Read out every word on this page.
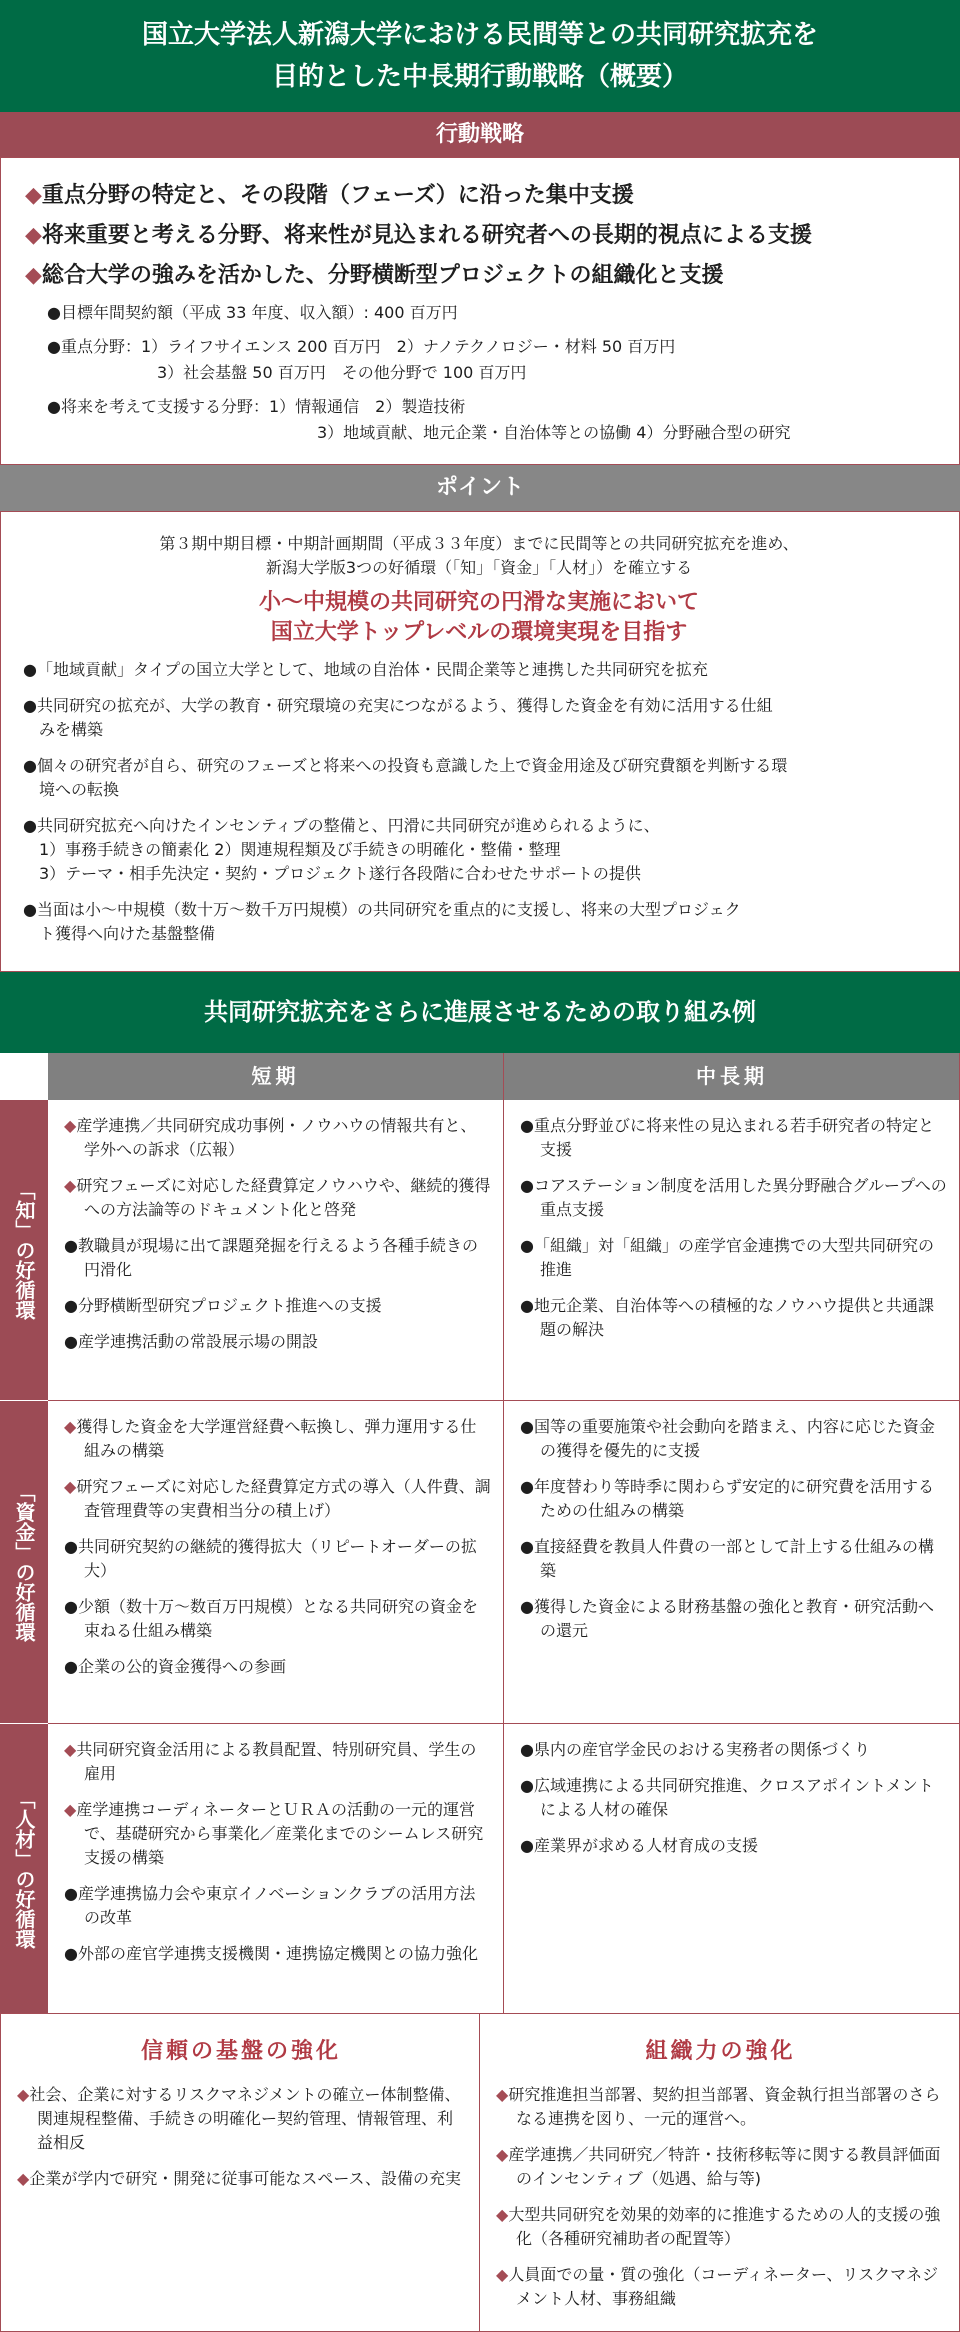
国立大学法人新潟大学における民間等との共同研究拡充を
目的とした中長期行動戦略（概要）
行動戦略
◆重点分野の特定と、その段階（フェーズ）に沿った集中支援
◆将来重要と考える分野、将来性が見込まれる研究者への長期的視点による支援
◆総合大学の強みを活かした、分野横断型プロジェクトの組織化と支援
●目標年間契約額（平成 33 年度、収入額）: 400 百万円
●重点分野：1）ライフサイエンス 200 百万円　2）ナノテクノロジー・材料 50 百万円
3）社会基盤 50 百万円　その他分野で 100 百万円
●将来を考えて支援する分野：1）情報通信　2）製造技術
3）地域貢献、地元企業・自治体等との協働 4）分野融合型の研究
ポイント
第３期中期目標・中期計画期間（平成３３年度）までに民間等との共同研究拡充を進め、
新潟大学版3つの好循環（「知」「資金」「人材」）を確立する
小〜中規模の共同研究の円滑な実施において
国立大学トップレベルの環境実現を目指す
●「地域貢献」タイプの国立大学として、地域の自治体・民間企業等と連携した共同研究を拡充
●共同研究の拡充が、大学の教育・研究環境の充実につながるよう、獲得した資金を有効に活用する仕組
　みを構築
●個々の研究者が自ら、研究のフェーズと将来への投資も意識した上で資金用途及び研究費額を判断する環
　境への転換
●共同研究拡充へ向けたインセンティブの整備と、円滑に共同研究が進められるように、
　1）事務手続きの簡素化 2）関連規程類及び手続きの明確化・整備・整理
　3）テーマ・相手先決定・契約・プロジェクト遂行各段階に合わせたサポートの提供
●当面は小〜中規模（数十万〜数千万円規模）の共同研究を重点的に支援し、将来の大型プロジェク
　ト獲得へ向けた基盤整備
共同研究拡充をさらに進展させるための取り組み例
短期	中長期
「知」の好循環
「資金」の好循環
「人材」の好循環
◆産学連携／共同研究成功事例・ノウハウの情報共有と、学外への訴求（広報）
◆研究フェーズに対応した経費算定ノウハウや、継続的獲得への方法論等のドキュメント化と啓発
●教職員が現場に出て課題発掘を行えるよう各種手続きの円滑化
●分野横断型研究プロジェクト推進への支援
●産学連携活動の常設展示場の開設
●重点分野並びに将来性の見込まれる若手研究者の特定と支援
●コアステーション制度を活用した異分野融合グループへの重点支援
●「組織」対「組織」の産学官金連携での大型共同研究の推進
●地元企業、自治体等への積極的なノウハウ提供と共通課題の解決
◆獲得した資金を大学運営経費へ転換し、弾力運用する仕組みの構築
◆研究フェーズに対応した経費算定方式の導入（人件費、調査管理費等の実費相当分の積上げ）
●共同研究契約の継続的獲得拡大（リピートオーダーの拡大）
●少額（数十万〜数百万円規模）となる共同研究の資金を束ねる仕組み構築
●企業の公的資金獲得への参画
●国等の重要施策や社会動向を踏まえ、内容に応じた資金の獲得を優先的に支援
●年度替わり等時季に関わらず安定的に研究費を活用するための仕組みの構築
●直接経費を教員人件費の一部として計上する仕組みの構築
●獲得した資金による財務基盤の強化と教育・研究活動への還元
◆共同研究資金活用による教員配置、特別研究員、学生の雇用
◆産学連携コーディネーターとＵＲＡの活動の一元的運営で、基礎研究から事業化／産業化までのシームレス研究支援の構築
●産学連携協力会や東京イノベーションクラブの活用方法の改革
●外部の産官学連携支援機関・連携協定機関との協力強化
●県内の産官学金民のおける実務者の関係づくり
●広域連携による共同研究推進、クロスアポイントメントによる人材の確保
●産業界が求める人材育成の支援
信頼の基盤の強化
◆社会、企業に対するリスクマネジメントの確立ー体制整備、関連規程整備、手続きの明確化ー契約管理、情報管理、利益相反
◆企業が学内で研究・開発に従事可能なスペース、設備の充実
組織力の強化
◆研究推進担当部署、契約担当部署、資金執行担当部署のさらなる連携を図り、一元的運営へ。
◆産学連携／共同研究／特許・技術移転等に関する教員評価面のインセンティブ（処遇、給与等)
◆大型共同研究を効果的効率的に推進するための人的支援の強化（各種研究補助者の配置等）
◆人員面での量・質の強化（コーディネーター、リスクマネジメント人材、事務組織
